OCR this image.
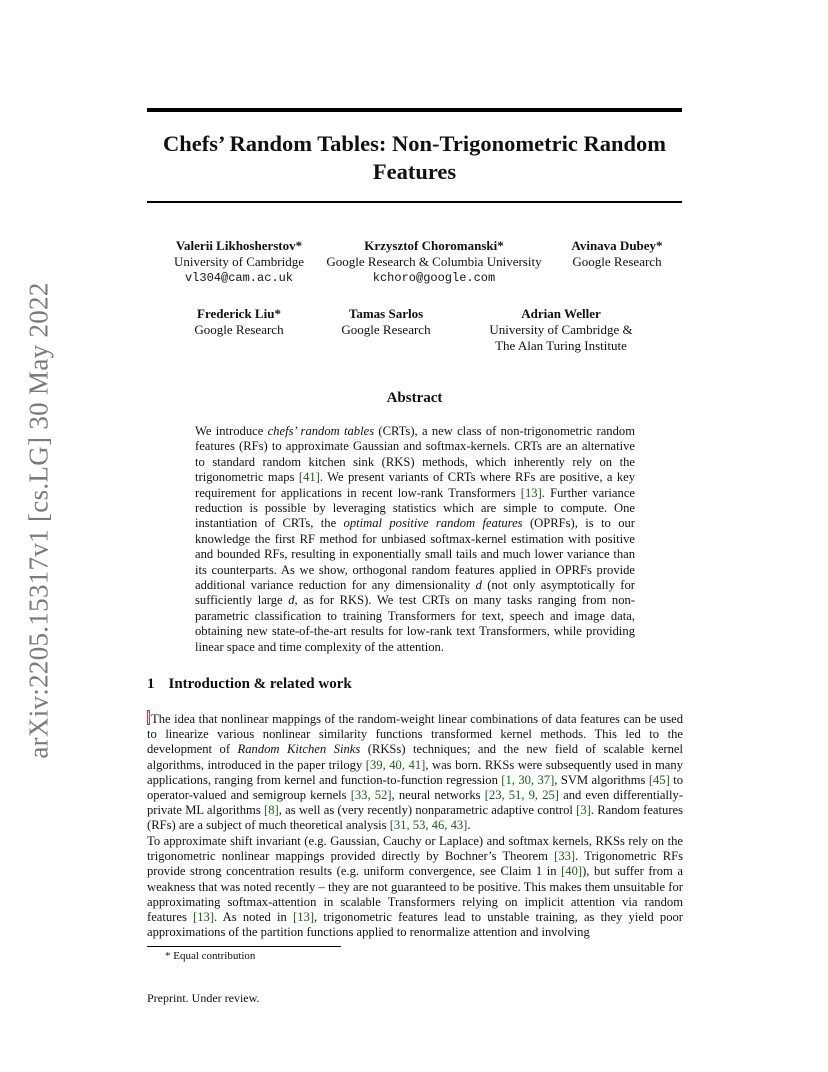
arXiv:2205.15317v1 [cs.LG] 30 May 2022
Chefs’ Random Tables: Non-Trigonometric Random
Features
Valerii Likhosherstov*
University of Cambridge
vl304@cam.ac.uk
Krzysztof Choromanski*
Google Research & Columbia University
kchoro@google.com
Avinava Dubey*
Google Research
Frederick Liu*
Google Research
Tamas Sarlos
Google Research
Adrian Weller
University of Cambridge &
The Alan Turing Institute
Abstract
We introduce chefs’ random tables (CRTs), a new class of non-trigonometric random features (RFs) to approximate Gaussian and softmax-kernels. CRTs are an alternative to standard random kitchen sink (RKS) methods, which inherently rely on the trigonometric maps [41]. We present variants of CRTs where RFs are positive, a key requirement for applications in recent low-rank Transformers [13]. Further variance reduction is possible by leveraging statistics which are simple to compute. One instantiation of CRTs, the optimal positive random features (OPRFs), is to our knowledge the first RF method for unbiased softmax-kernel estimation with positive and bounded RFs, resulting in exponentially small tails and much lower variance than its counterparts. As we show, orthogonal random features applied in OPRFs provide additional variance reduction for any dimensionality d (not only asymptotically for sufficiently large d, as for RKS). We test CRTs on many tasks ranging from non-parametric classification to training Transformers for text, speech and image data, obtaining new state-of-the-art results for low-rank text Transformers, while providing linear space and time complexity of the attention.
1 Introduction & related work
The idea that nonlinear mappings of the random-weight linear combinations of data features can be used to linearize various nonlinear similarity functions transformed kernel methods. This led to the development of Random Kitchen Sinks (RKSs) techniques; and the new field of scalable kernel algorithms, introduced in the paper trilogy [39, 40, 41], was born. RKSs were subsequently used in many applications, ranging from kernel and function-to-function regression [1, 30, 37], SVM algorithms [45] to operator-valued and semigroup kernels [33, 52], neural networks [23, 51, 9, 25] and even differentially-private ML algorithms [8], as well as (very recently) nonparametric adaptive control [3]. Random features (RFs) are a subject of much theoretical analysis [31, 53, 46, 43].
To approximate shift invariant (e.g. Gaussian, Cauchy or Laplace) and softmax kernels, RKSs rely on the trigonometric nonlinear mappings provided directly by Bochner’s Theorem [33]. Trigonometric RFs provide strong concentration results (e.g. uniform convergence, see Claim 1 in [40]), but suffer from a weakness that was noted recently – they are not guaranteed to be positive. This makes them unsuitable for approximating softmax-attention in scalable Transformers relying on implicit attention via random features [13]. As noted in [13], trigonometric features lead to unstable training, as they yield poor approximations of the partition functions applied to renormalize attention and involving
* Equal contribution
Preprint. Under review.
